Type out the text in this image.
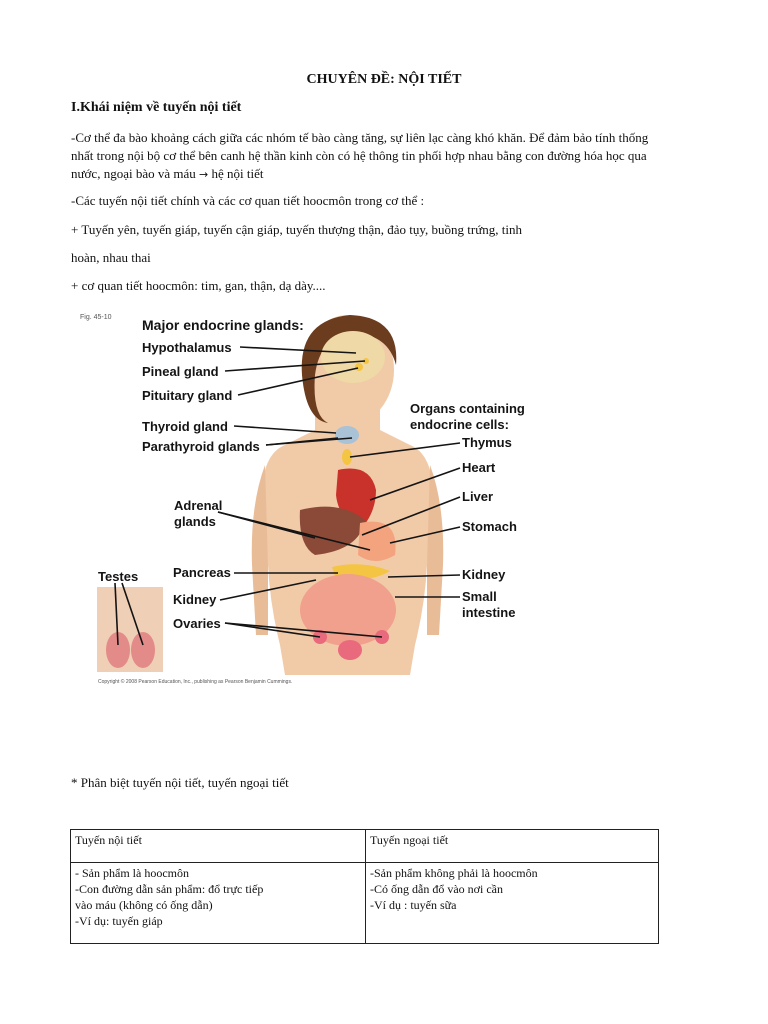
CHUYÊN ĐỀ: NỘI TIẾT
I.Khái niệm về tuyến nội tiết
-Cơ thể đa bào khoảng cách giữa các nhóm tế bào càng tăng, sự liên lạc càng khó khăn. Để đảm bảo tính thống
nhất trong nội bộ cơ thể bên canh hệ thần kinh còn có hệ thông tin phối hợp nhau bằng con đường hóa học qua
nước, ngoại bào và máu → hệ nội tiết
-Các tuyến nội tiết chính và các cơ quan tiết hoocmôn trong cơ thể :
+ Tuyến yên, tuyến giáp, tuyến cận giáp, tuyến thượng thận, đảo tụy, buồng trứng, tinh
hoàn, nhau thai
+ cơ quan tiết hoocmôn: tim, gan, thận, dạ dày....
Fig. 45-10 Major endocrine glands:
Hypothalamus
Pineal gland
Pituitary gland
Thyroid gland
Parathyroid glands
Adrenal
glands
Testes	Pancreas
Kidney
Ovaries
Organs containing
endocrine cells:
Thymus
Heart
Liver
Stomach
Kidney
Small
intestine
Copyright © 2008 Pearson Education, Inc., publishing as Pearson Benjamin Cummings.
* Phân biệt tuyến nội tiết, tuyến ngoại tiết
Tuyến nội tiết	Tuyến ngoại tiết

- Sản phẩm là hoocmôn
-Con đường dẫn sản phẩm: đổ trực tiếp
vào máu (không có ống dẫn)
-Ví dụ: tuyến giáp	-Sản phẩm không phải là hoocmôn
-Có ống dẫn đổ vào nơi cần
-Ví dụ : tuyến sữa
